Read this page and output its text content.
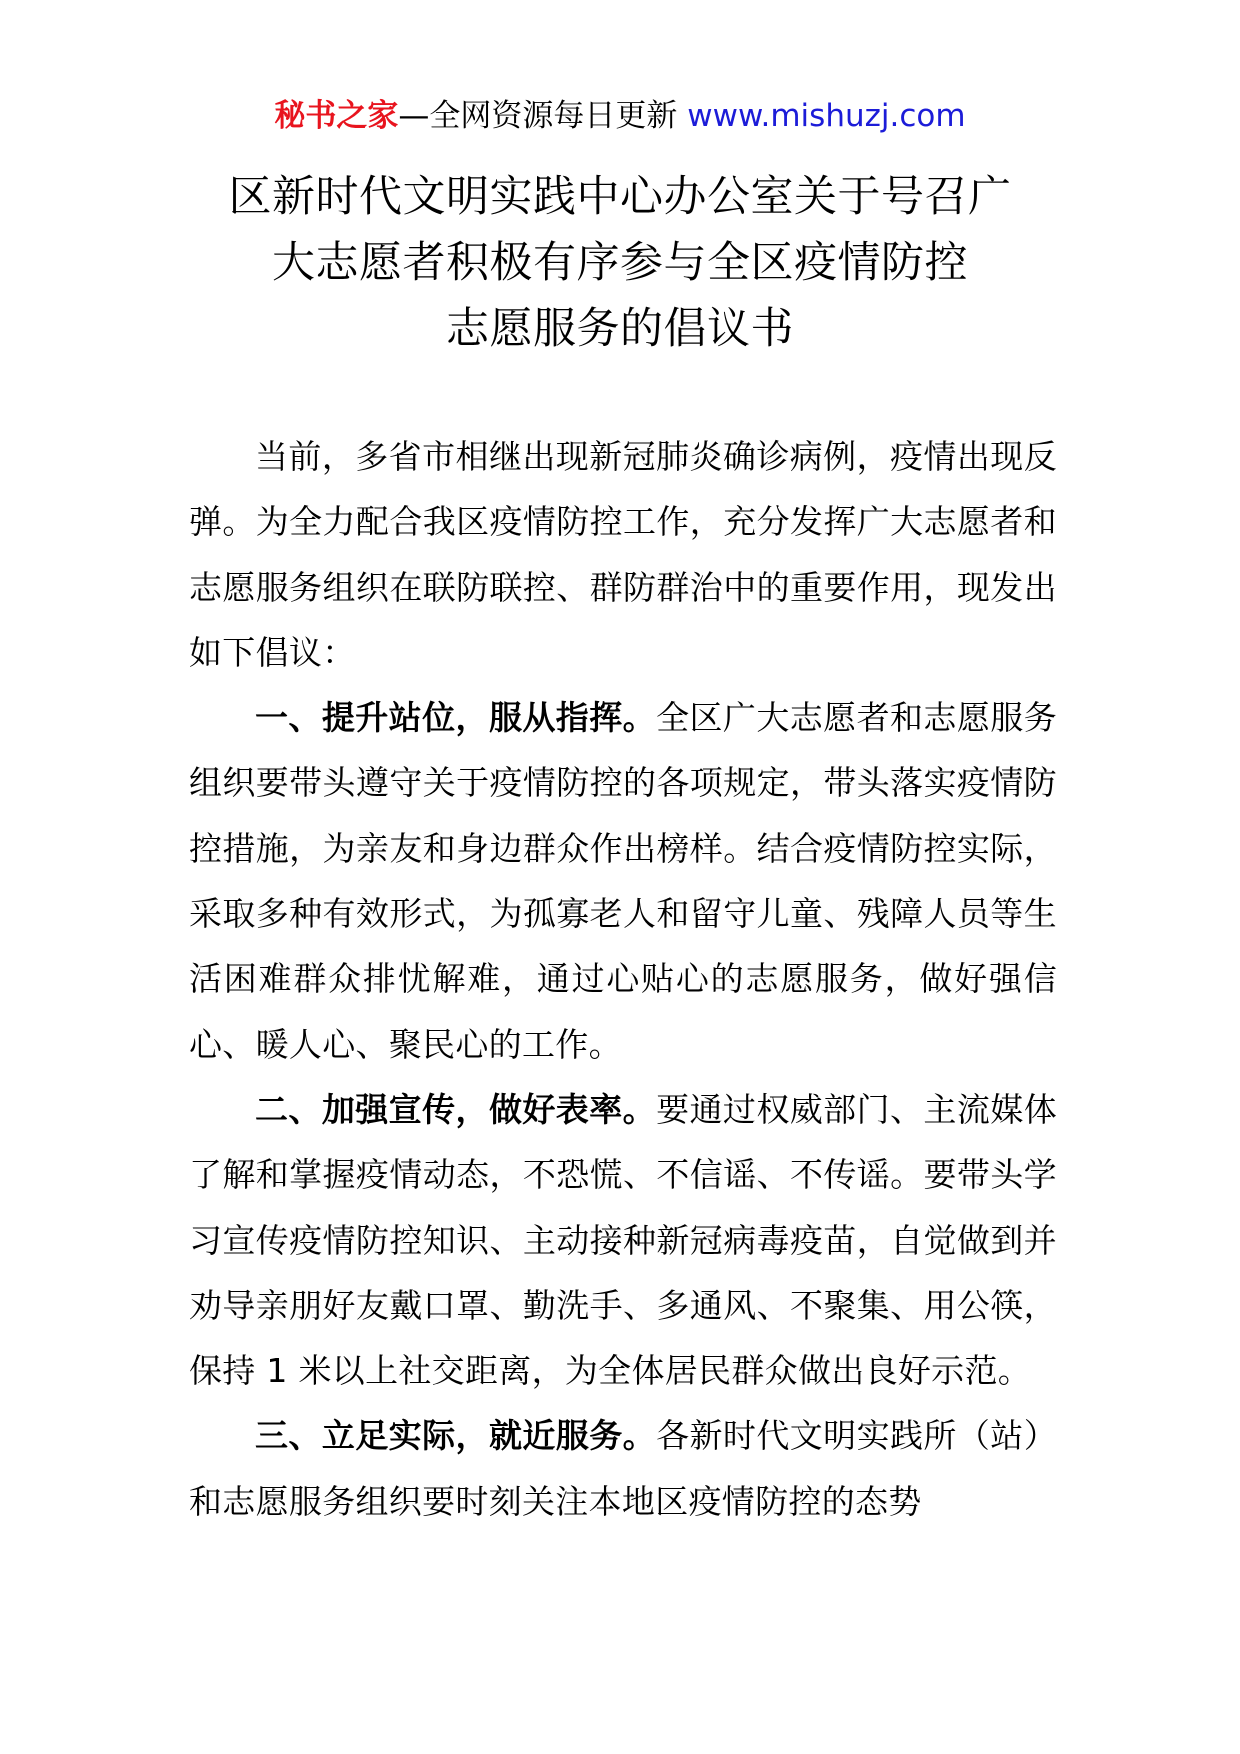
秘书之家—全网资源每日更新 www.mishuzj.com
区新时代文明实践中心办公室关于号召广
大志愿者积极有序参与全区疫情防控
志愿服务的倡议书

当前，多省市相继出现新冠肺炎确诊病例，疫情出现反弹。为全力配合我区疫情防控工作，充分发挥广大志愿者和志愿服务组织在联防联控、群防群治中的重要作用，现发出如下倡议：

一、提升站位，服从指挥。全区广大志愿者和志愿服务组织要带头遵守关于疫情防控的各项规定，带头落实疫情防控措施，为亲友和身边群众作出榜样。结合疫情防控实际，采取多种有效形式，为孤寡老人和留守儿童、残障人员等生活困难群众排忧解难，通过心贴心的志愿服务，做好强信心、暖人心、聚民心的工作。

二、加强宣传，做好表率。要通过权威部门、主流媒体了解和掌握疫情动态，不恐慌、不信谣、不传谣。要带头学习宣传疫情防控知识、主动接种新冠病毒疫苗，自觉做到并劝导亲朋好友戴口罩、勤洗手、多通风、不聚集、用公筷，保持 1 米以上社交距离，为全体居民群众做出良好示范。

三、立足实际，就近服务。各新时代文明实践所（站）和志愿服务组织要时刻关注本地区疫情防控的态势
